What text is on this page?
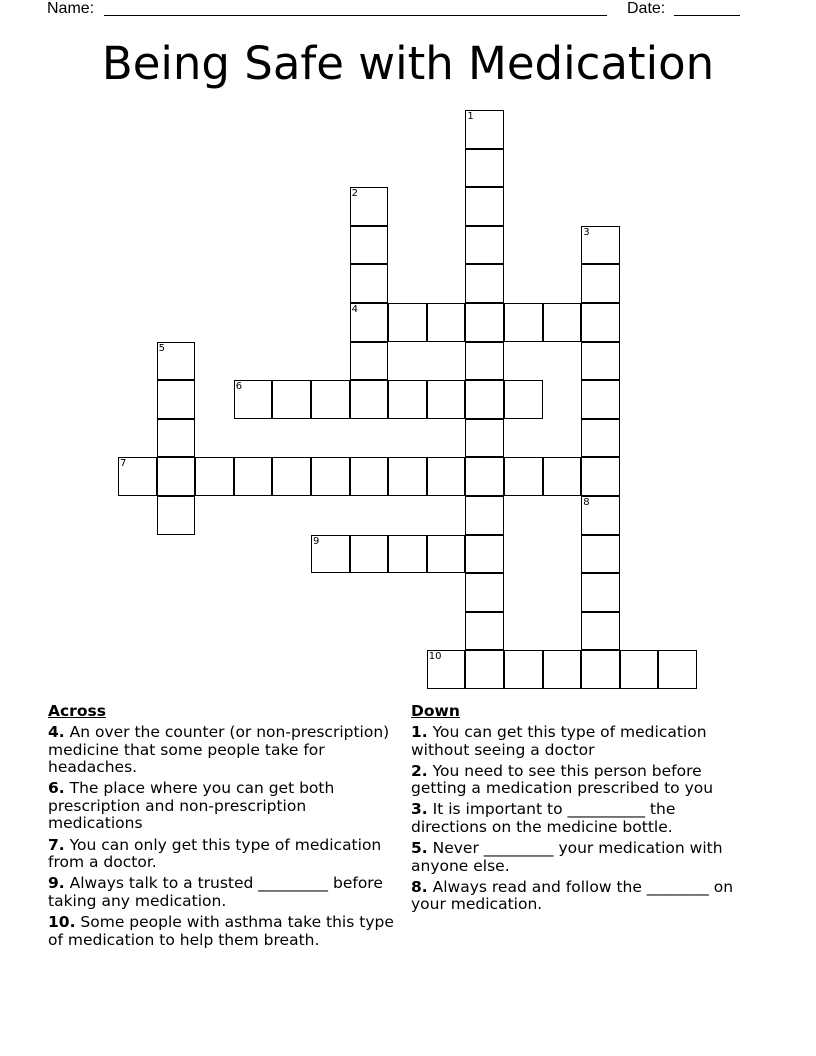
Name:	Date:
Being Safe with Medication
4
6
7
9
10
1
2
3
5
8
Across
4. An over the counter (or non-prescription) medicine that some people take for headaches.
6. The place where you can get both prescription and non-prescription medications
7. You can only get this type of medication from a doctor.
9. Always talk to a trusted _________ before taking any medication.
10. Some people with asthma take this type of medication to help them breath.
Down
1. You can get this type of medication without seeing a doctor
2. You need to see this person before getting a medication prescribed to you
3. It is important to __________ the directions on the medicine bottle.
5. Never _________ your medication with anyone else.
8. Always read and follow the ________ on your medication.
